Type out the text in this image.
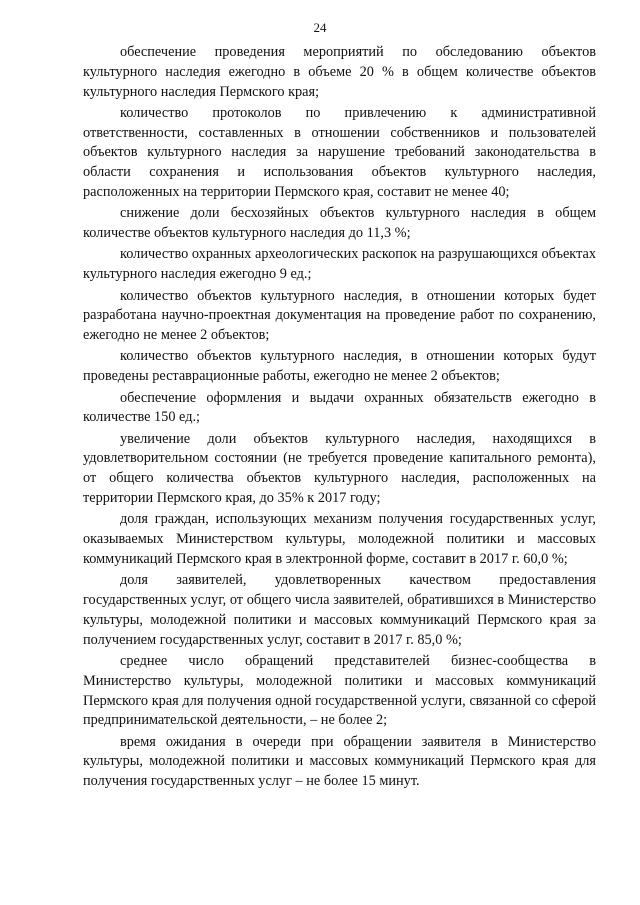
24

обеспечение проведения мероприятий по обследованию объектов культурного наследия ежегодно в объеме 20 % в общем количестве объектов культурного наследия Пермского края;

количество протоколов по привлечению к административной ответственности, составленных в отношении собственников и пользователей объектов культурного наследия за нарушение требований законодательства в области сохранения и использования объектов культурного наследия, расположенных на территории Пермского края, составит не менее 40;

снижение доли бесхозяйных объектов культурного наследия в общем количестве объектов культурного наследия до 11,3 %;

количество охранных археологических раскопок на разрушающихся объектах культурного наследия ежегодно 9 ед.;

количество объектов культурного наследия, в отношении которых будет разработана научно-проектная документация на проведение работ по сохранению, ежегодно не менее 2 объектов;

количество объектов культурного наследия, в отношении которых будут проведены реставрационные работы, ежегодно не менее 2 объектов;

обеспечение оформления и выдачи охранных обязательств ежегодно в количестве 150 ед.;

увеличение доли объектов культурного наследия, находящихся в удовлетворительном состоянии (не требуется проведение капитального ремонта), от общего количества объектов культурного наследия, расположенных на территории Пермского края, до 35% к 2017 году;

доля граждан, использующих механизм получения государственных услуг, оказываемых Министерством культуры, молодежной политики и массовых коммуникаций Пермского края в электронной форме, составит в 2017 г. 60,0 %;

доля заявителей, удовлетворенных качеством предоставления государственных услуг, от общего числа заявителей, обратившихся в Министерство культуры, молодежной политики и массовых коммуникаций Пермского края за получением государственных услуг, составит в 2017 г. 85,0 %;

среднее число обращений представителей бизнес-сообщества в Министерство культуры, молодежной политики и массовых коммуникаций Пермского края для получения одной государственной услуги, связанной со сферой предпринимательской деятельности, – не более 2;

время ожидания в очереди при обращении заявителя в Министерство культуры, молодежной политики и массовых коммуникаций Пермского края для получения государственных услуг – не более 15 минут.
